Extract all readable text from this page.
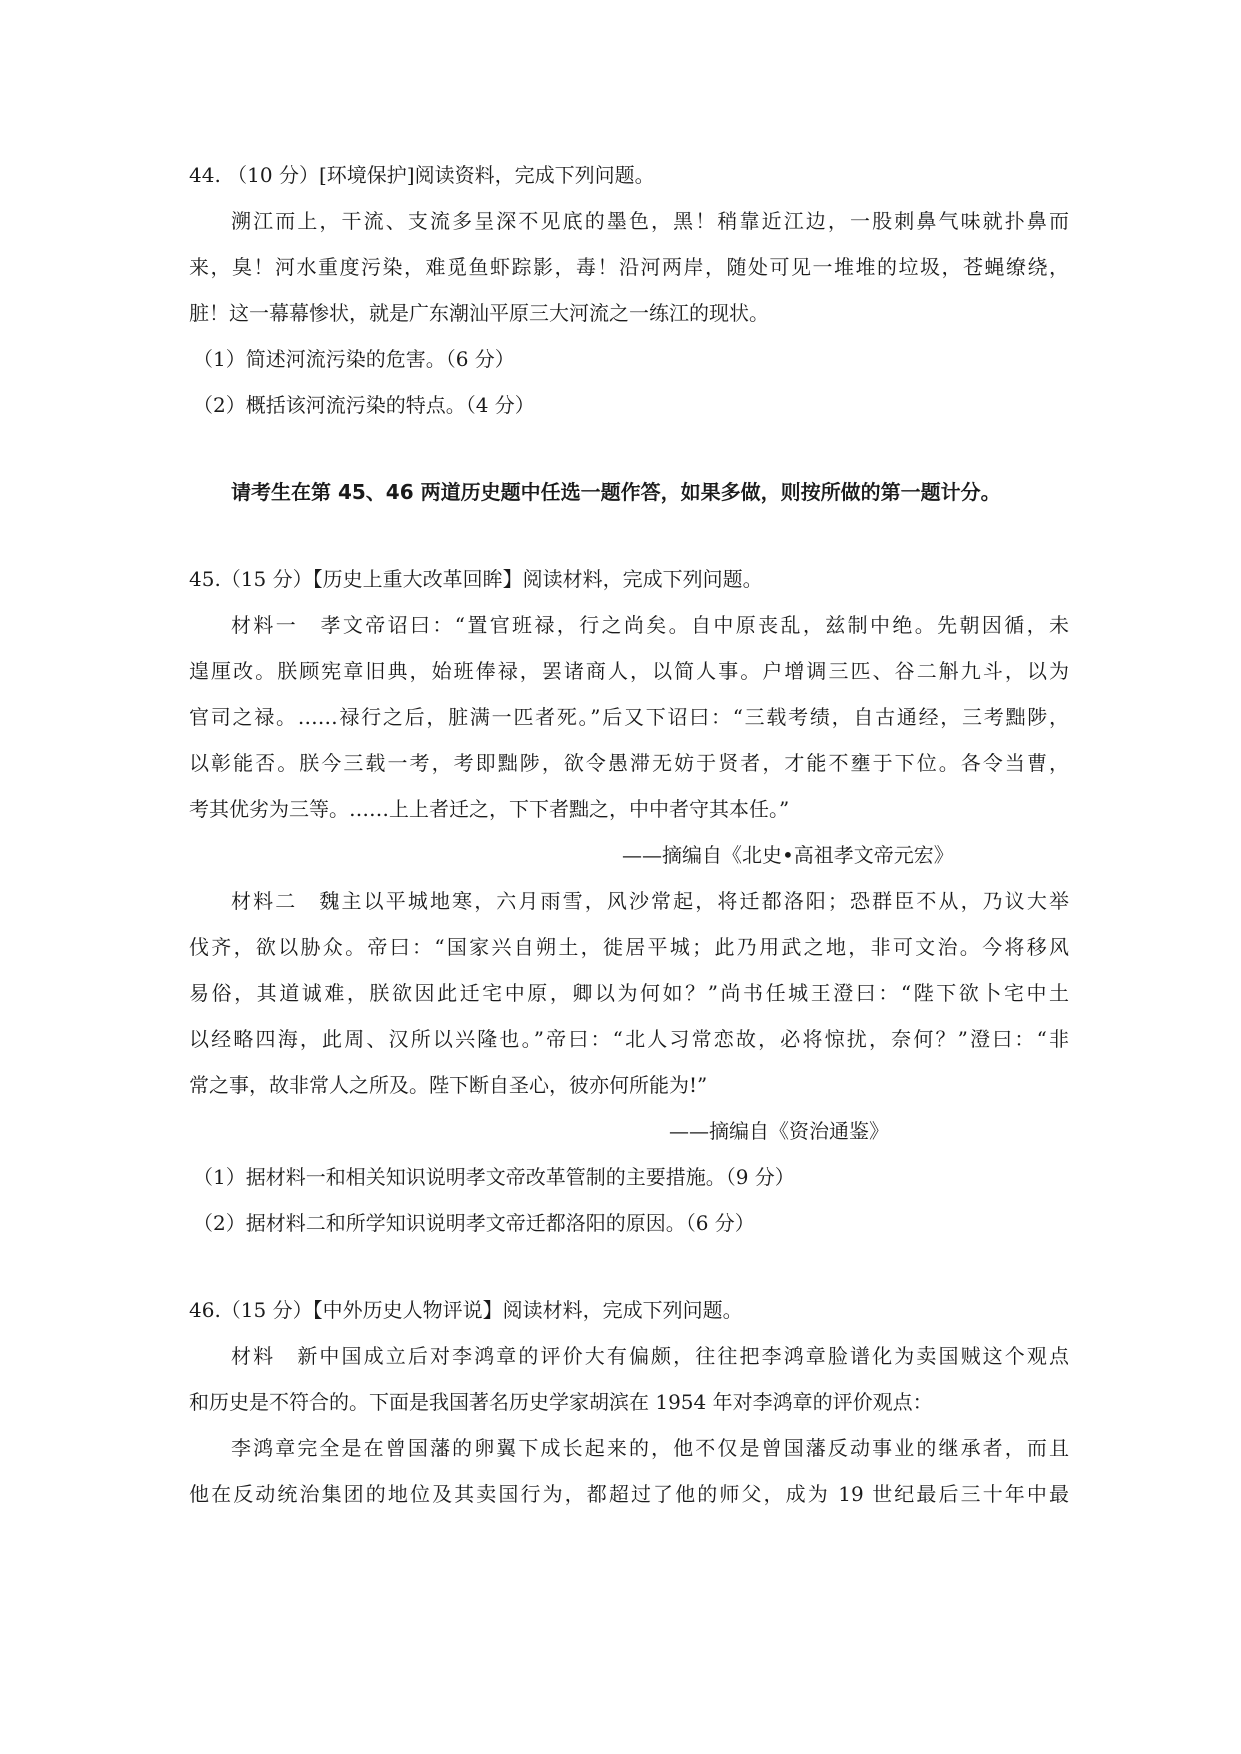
44. （10 分）[环境保护]阅读资料，完成下列问题。
溯江而上，干流、支流多呈深不见底的墨色，黑！稍靠近江边，一股刺鼻气味就扑鼻而
来，臭！河水重度污染，难觅鱼虾踪影，毒！沿河两岸，随处可见一堆堆的垃圾，苍蝇缭绕，
脏！这一幕幕惨状，就是广东潮汕平原三大河流之一练江的现状。
（1）简述河流污染的危害。（6 分）
（2）概括该河流污染的特点。（4 分）
请考生在第 45、46 两道历史题中任选一题作答，如果多做，则按所做的第一题计分。
45.（15 分）【历史上重大改革回眸】阅读材料，完成下列问题。
材料一　孝文帝诏曰：“置官班禄，行之尚矣。自中原丧乱，兹制中绝。先朝因循，未
遑厘改。朕顾宪章旧典，始班俸禄，罢诸商人，以简人事。户增调三匹、谷二斛九斗，以为
官司之禄。……禄行之后，脏满一匹者死。”后又下诏曰：“三载考绩，自古通经，三考黜陟，
以彰能否。朕今三载一考，考即黜陟，欲令愚滞无妨于贤者，才能不壅于下位。各令当曹，
考其优劣为三等。……上上者迁之，下下者黜之，中中者守其本任。”
——摘编自《北史•高祖孝文帝元宏》
材料二　魏主以平城地寒，六月雨雪，风沙常起，将迁都洛阳；恐群臣不从，乃议大举
伐齐，欲以胁众。帝曰：“国家兴自朔土，徙居平城；此乃用武之地，非可文治。今将移风
易俗，其道诚难，朕欲因此迁宅中原，卿以为何如？”尚书任城王澄曰：“陛下欲卜宅中土
以经略四海，此周、汉所以兴隆也。”帝曰：“北人习常恋故，必将惊扰，奈何？”澄曰：“非
常之事，故非常人之所及。陛下断自圣心，彼亦何所能为!”
——摘编自《资治通鉴》
（1）据材料一和相关知识说明孝文帝改革管制的主要措施。（9 分）
（2）据材料二和所学知识说明孝文帝迁都洛阳的原因。（6 分）
46.（15 分）【中外历史人物评说】阅读材料，完成下列问题。
材料　新中国成立后对李鸿章的评价大有偏颇，往往把李鸿章脸谱化为卖国贼这个观点
和历史是不符合的。下面是我国著名历史学家胡滨在 1954 年对李鸿章的评价观点：
李鸿章完全是在曾国藩的卵翼下成长起来的，他不仅是曾国藩反动事业的继承者，而且
他在反动统治集团的地位及其卖国行为，都超过了他的师父，成为 19 世纪最后三十年中最
